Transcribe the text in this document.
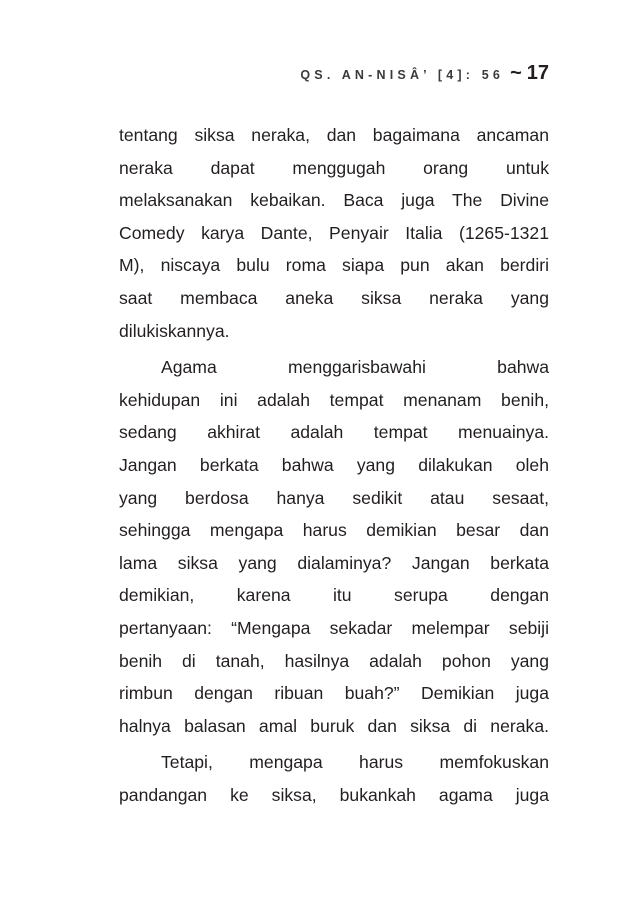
QS. AN-NISÂ’ [4]: 56 ~ 17
tentang siksa neraka, dan bagaimana ancaman
neraka dapat menggugah orang untuk
melaksanakan kebaikan. Baca juga The Divine
Comedy karya Dante, Penyair Italia (1265-1321
M), niscaya bulu roma siapa pun akan berdiri
saat membaca aneka siksa neraka yang
dilukiskannya.
Agama menggarisbawahi bahwa
kehidupan ini adalah tempat menanam benih,
sedang akhirat adalah tempat menuainya.
Jangan berkata bahwa yang dilakukan oleh
yang berdosa hanya sedikit atau sesaat,
sehingga mengapa harus demikian besar dan
lama siksa yang dialaminya? Jangan berkata
demikian, karena itu serupa dengan
pertanyaan: “Mengapa sekadar melempar sebiji
benih di tanah, hasilnya adalah pohon yang
rimbun dengan ribuan buah?” Demikian juga
halnya balasan amal buruk dan siksa di neraka.
Tetapi, mengapa harus memfokuskan
pandangan ke siksa, bukankah agama juga
